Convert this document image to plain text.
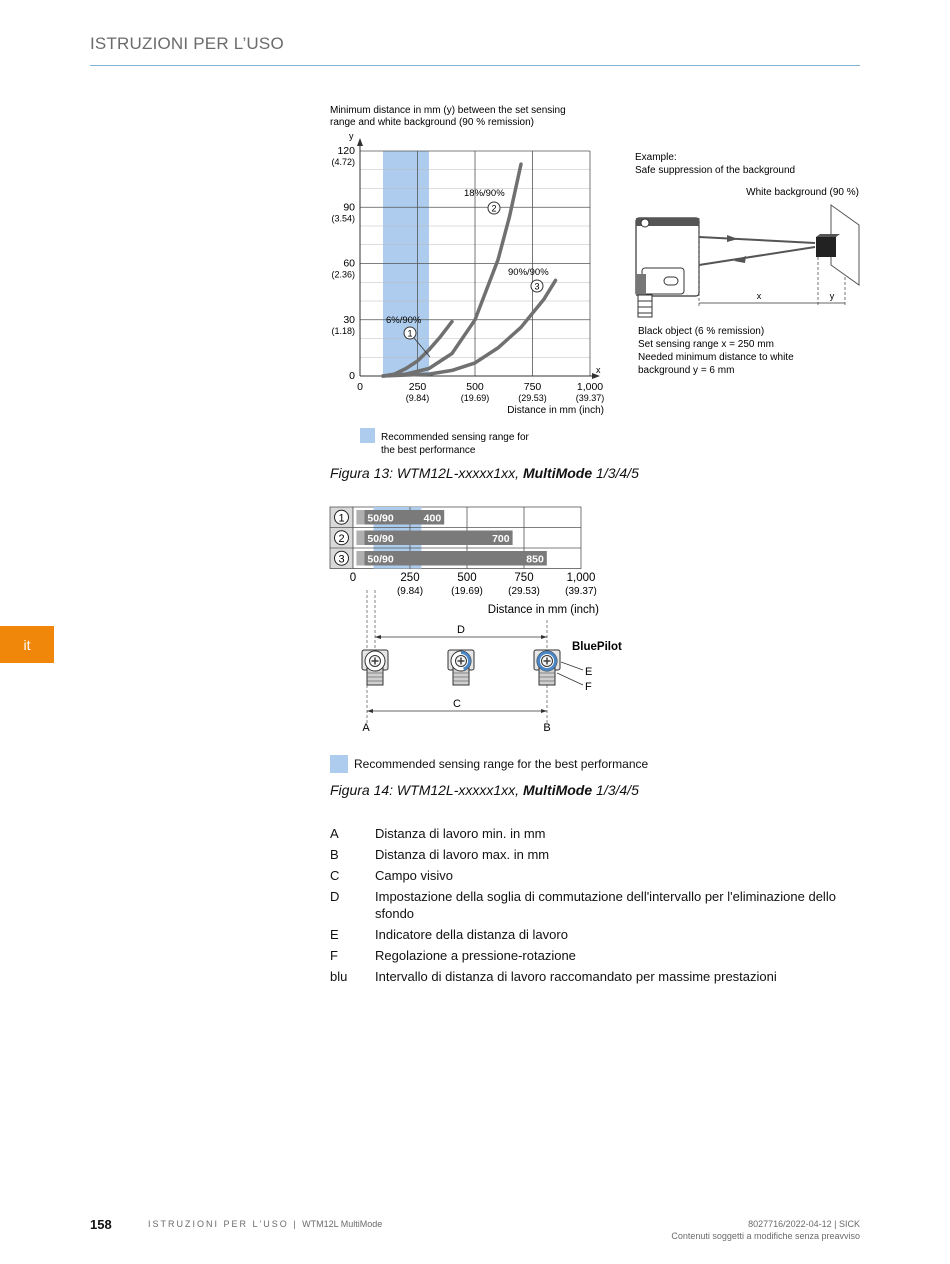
ISTRUZIONI PER L’USO
it
Minimum distance in mm (y) between the set sensing
range and white background (90 % remission)
y
x
120
(4.72)
90
(3.54)
60
(2.36)
30
(1.18)
0
0	250
(9.84)
500
(19.69)
750
(29.53)
1,000
(39.37)
6%/90%
1
18%/90%
2
90%/90%
3
Distance in mm (inch)
Recommended sensing range for
the best performance
Example:
Safe suppression of the background
White background (90 %)
x	y
Black object (6 % remission)
Set sensing range x = 250 mm
Needed minimum distance to white
background y = 6 mm
Figura 13: WTM12L-xxxxx1xx, MultiMode 1/3/4/5
1 50/90	400
2 50/90	700
3 50/90	850
0	250
(9.84)
500
(19.69)
750
(29.53)
1,000
(39.37)
Distance in mm (inch)
D
BluePilot
E
F
C
A	B
Recommended sensing range for the best performance
Figura 14: WTM12L-xxxxx1xx, MultiMode 1/3/4/5
A	Distanza di lavoro min. in mm
B	Distanza di lavoro max. in mm
C	Campo visivo
D	Impostazione della soglia di commutazione dell'intervallo per l'eliminazione dello sfondo
E	Indicatore della distanza di lavoro
F	Regolazione a pressione-rotazione
blu	Intervallo di distanza di lavoro raccomandato per massime prestazioni
158	ISTRUZIONI PER L'USO | WTM12L MultiMode	8027716/2022-04-12 | SICK
Contenuti soggetti a modifiche senza preavviso
